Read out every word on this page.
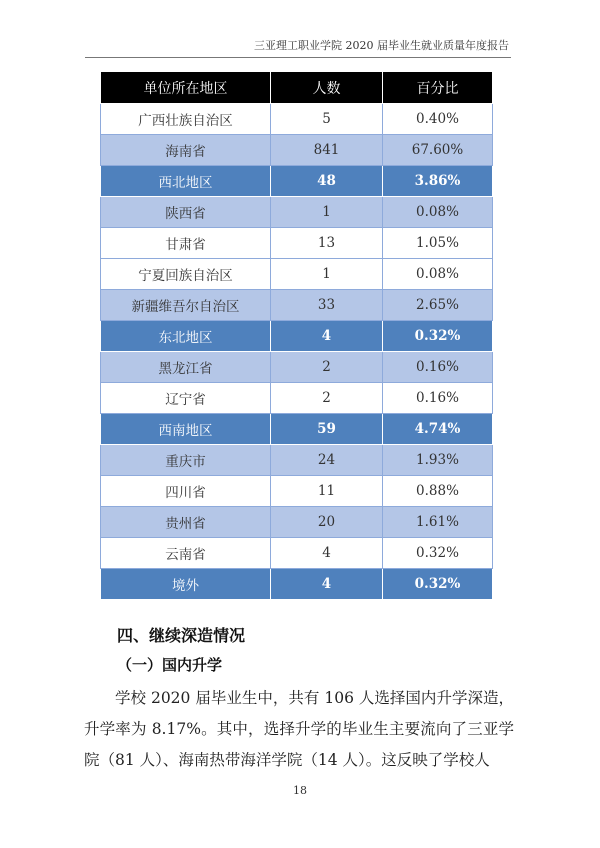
三亚理工职业学院 2020 届毕业生就业质量年度报告
单位所在地区	人数	百分比
广西壮族自治区	5	0.40%
海南省	841	67.60%
西北地区	48	3.86%
陕西省	1	0.08%
甘肃省	13	1.05%
宁夏回族自治区	1	0.08%
新疆维吾尔自治区	33	2.65%
东北地区	4	0.32%
黑龙江省	2	0.16%
辽宁省	2	0.16%
西南地区	59	4.74%
重庆市	24	1.93%
四川省	11	0.88%
贵州省	20	1.61%
云南省	4	0.32%
境外	4	0.32%
四、继续深造情况
（一）国内升学

学校 2020 届毕业生中，共有 106 人选择国内升学深造，升学率为 8.17%。其中，选择升学的毕业生主要流向了三亚学院（81 人）、海南热带海洋学院（14 人）。这反映了学校人

18
